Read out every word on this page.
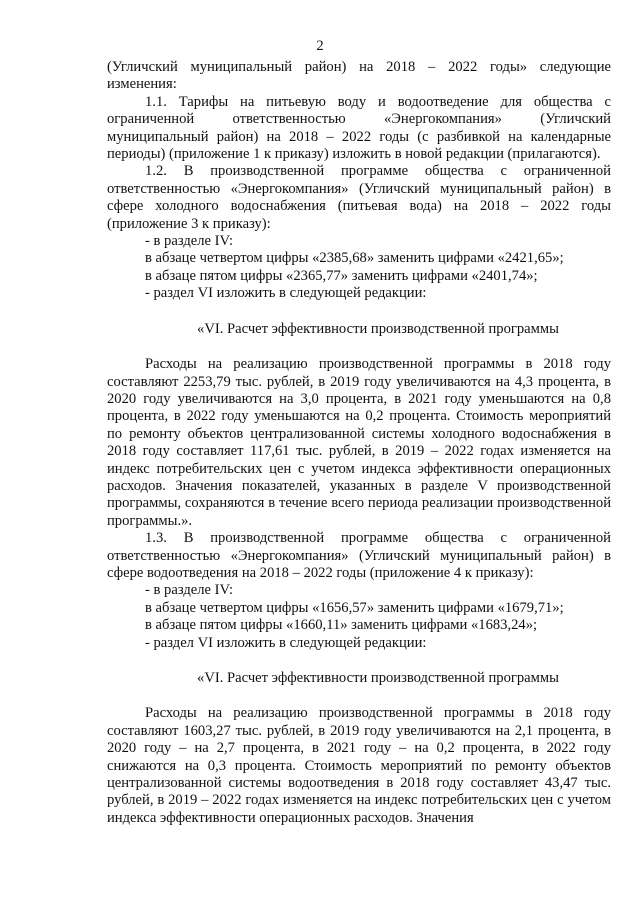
2

(Угличский муниципальный район) на 2018 – 2022 годы» следующие изменения:

1.1. Тарифы на питьевую воду и водоотведение для общества с ограниченной ответственностью «Энергокомпания» (Угличский муниципальный район) на 2018 – 2022 годы (с разбивкой на календарные периоды) (приложение 1 к приказу) изложить в новой редакции (прилагаются).

1.2. В производственной программе общества с ограниченной ответственностью «Энергокомпания» (Угличский муниципальный район) в сфере холодного водоснабжения (питьевая вода) на 2018 – 2022 годы (приложение 3 к приказу):

- в разделе IV:
в абзаце четвертом цифры «2385,68» заменить цифрами «2421,65»;
в абзаце пятом цифры «2365,77» заменить цифрами «2401,74»;
- раздел VI изложить в следующей редакции:

«VI. Расчет эффективности производственной программы

Расходы на реализацию производственной программы в 2018 году составляют 2253,79 тыс. рублей, в 2019 году увеличиваются на 4,3 процента, в 2020 году увеличиваются на 3,0 процента, в 2021 году уменьшаются на 0,8 процента, в 2022 году уменьшаются на 0,2 процента. Стоимость мероприятий по ремонту объектов централизованной системы холодного водоснабжения в 2018 году составляет 117,61 тыс. рублей, в 2019 – 2022 годах изменяется на индекс потребительских цен с учетом индекса эффективности операционных расходов. Значения показателей, указанных в разделе V производственной программы, сохраняются в течение всего периода реализации производственной программы.».

1.3. В производственной программе общества с ограниченной ответственностью «Энергокомпания» (Угличский муниципальный район) в сфере водоотведения на 2018 – 2022 годы (приложение 4 к приказу):

- в разделе IV:
в абзаце четвертом цифры «1656,57» заменить цифрами «1679,71»;
в абзаце пятом цифры «1660,11» заменить цифрами «1683,24»;
- раздел VI изложить в следующей редакции:

«VI. Расчет эффективности производственной программы

Расходы на реализацию производственной программы в 2018 году составляют 1603,27 тыс. рублей, в 2019 году увеличиваются на 2,1 процента, в 2020 году – на 2,7 процента, в 2021 году – на 0,2 процента, в 2022 году снижаются на 0,3 процента. Стоимость мероприятий по ремонту объектов централизованной системы водоотведения в 2018 году составляет 43,47 тыс. рублей, в 2019 – 2022 годах изменяется на индекс потребительских цен с учетом индекса эффективности операционных расходов. Значения
